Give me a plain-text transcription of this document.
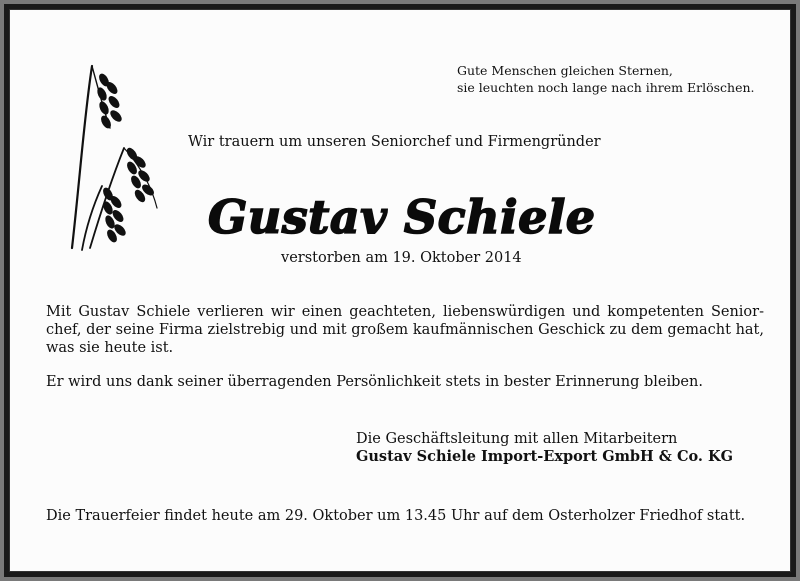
Gute Menschen gleichen Sternen,
sie leuchten noch lange nach ihrem Erlöschen.
Wir trauern um unseren Seniorchef und Firmengründer
Gustav Schiele
verstorben am 19. Oktober 2014
Mit Gustav Schiele verlieren wir einen geachteten, liebenswürdigen und kompetenten Senior-chef, der seine Firma zielstrebig und mit großem kaufmännischen Geschick zu dem gemacht hat, was sie heute ist.
Er wird uns dank seiner überragenden Persönlichkeit stets in bester Erinnerung bleiben.
Die Geschäftsleitung mit allen Mitarbeitern
Gustav Schiele Import-Export GmbH & Co. KG
Die Trauerfeier findet heute am 29. Oktober um 13.45 Uhr auf dem Osterholzer Friedhof statt.
